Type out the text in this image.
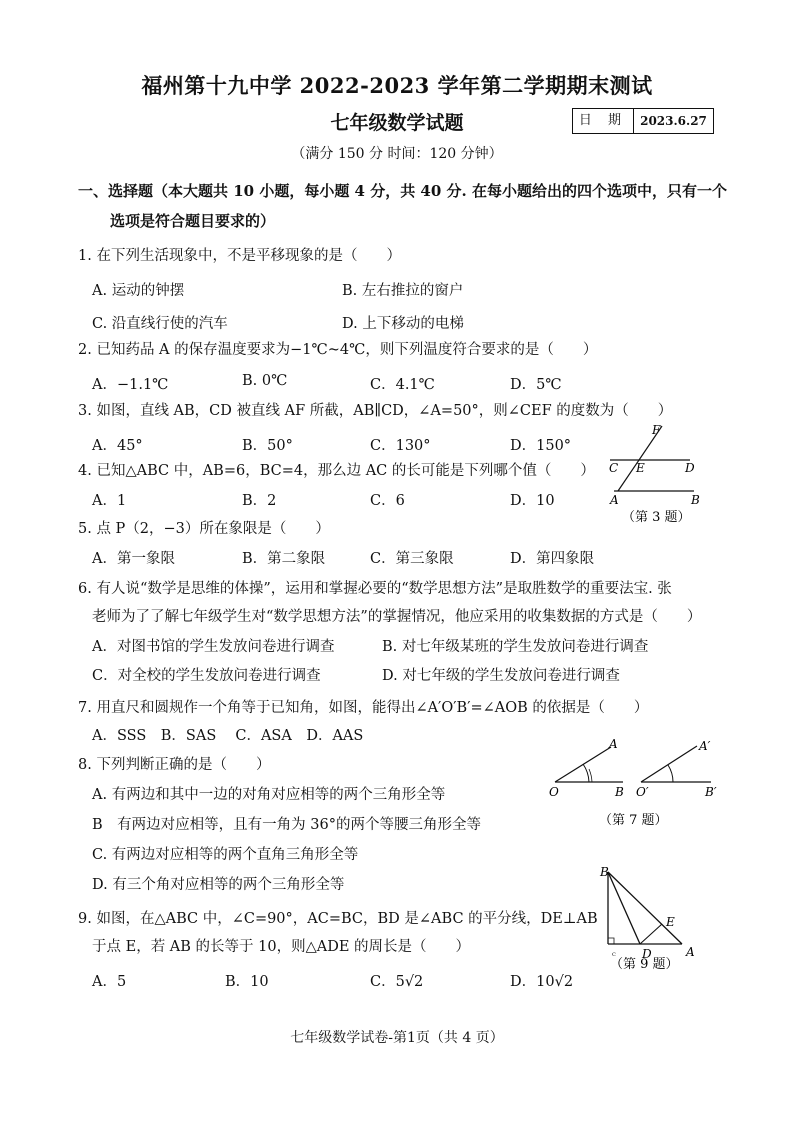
福州第十九中学 2022-2023 学年第二学期期末测试
七年级数学试题	日 期	2023.6.27
（满分 150 分 时间：120 分钟）
一、选择题（本大题共 10 小题，每小题 4 分，共 40 分. 在每小题给出的四个选项中，只有一个
选项是符合题目要求的）
1. 在下列生活现象中，不是平移现象的是（　　）
A. 运动的钟摆	B. 左右推拉的窗户
C. 沿直线行使的汽车	D. 上下移动的电梯
2. 已知药品 A 的保存温度要求为−1℃~4℃，则下列温度符合要求的是（　　）
A．−1.1℃	B. 0℃	C．4.1℃	D．5℃
3. 如图，直线 AB，CD 被直线 AF 所截，AB∥CD，∠A=50°，则∠CEF 的度数为（　　）
A．45°	B．50°	C．130°	D．150°
4. 已知△ABC 中，AB=6，BC=4，那么边 AC 的长可能是下列哪个值（　　）
A．1	B．2	C．6	D．10
F
C E	D
A	B
（第 3 题）
5. 点 P（2，−3）所在象限是（　　）
A．第一象限	B．第二象限	C．第三象限	D．第四象限
6. 有人说“数学是思维的体操”，运用和掌握必要的“数学思想方法”是取胜数学的重要法宝. 张
老师为了了解七年级学生对“数学思想方法”的掌握情况，他应采用的收集数据的方式是（　　）
A．对图书馆的学生发放问卷进行调查	B. 对七年级某班的学生发放问卷进行调查
C．对全校的学生发放问卷进行调查	D. 对七年级的学生发放问卷进行调查
7. 用直尺和圆规作一个角等于已知角，如图，能得出∠A′O′B′=∠AOB 的依据是（　　）
A．SSS　B．SAS　 C．ASA　D．AAS
O
A
B O′
A′
B′
（第 7 题）
8. 下列判断正确的是（　　）
A. 有两边和其中一边的对角对应相等的两个三角形全等
B　有两边对应相等，且有一角为 36°的两个等腰三角形全等
C. 有两边对应相等的两个直角三角形全等
D. 有三个角对应相等的两个三角形全等
B
E
C D	A
（第 9 题）
9. 如图，在△ABC 中，∠C=90°，AC=BC，BD 是∠ABC 的平分线，DE⊥AB
于点 E，若 AB 的长等于 10，则△ADE 的周长是（　　）
A．5	B．10	C．5√2	D．10√2
七年级数学试卷-第1页（共 4 页）
